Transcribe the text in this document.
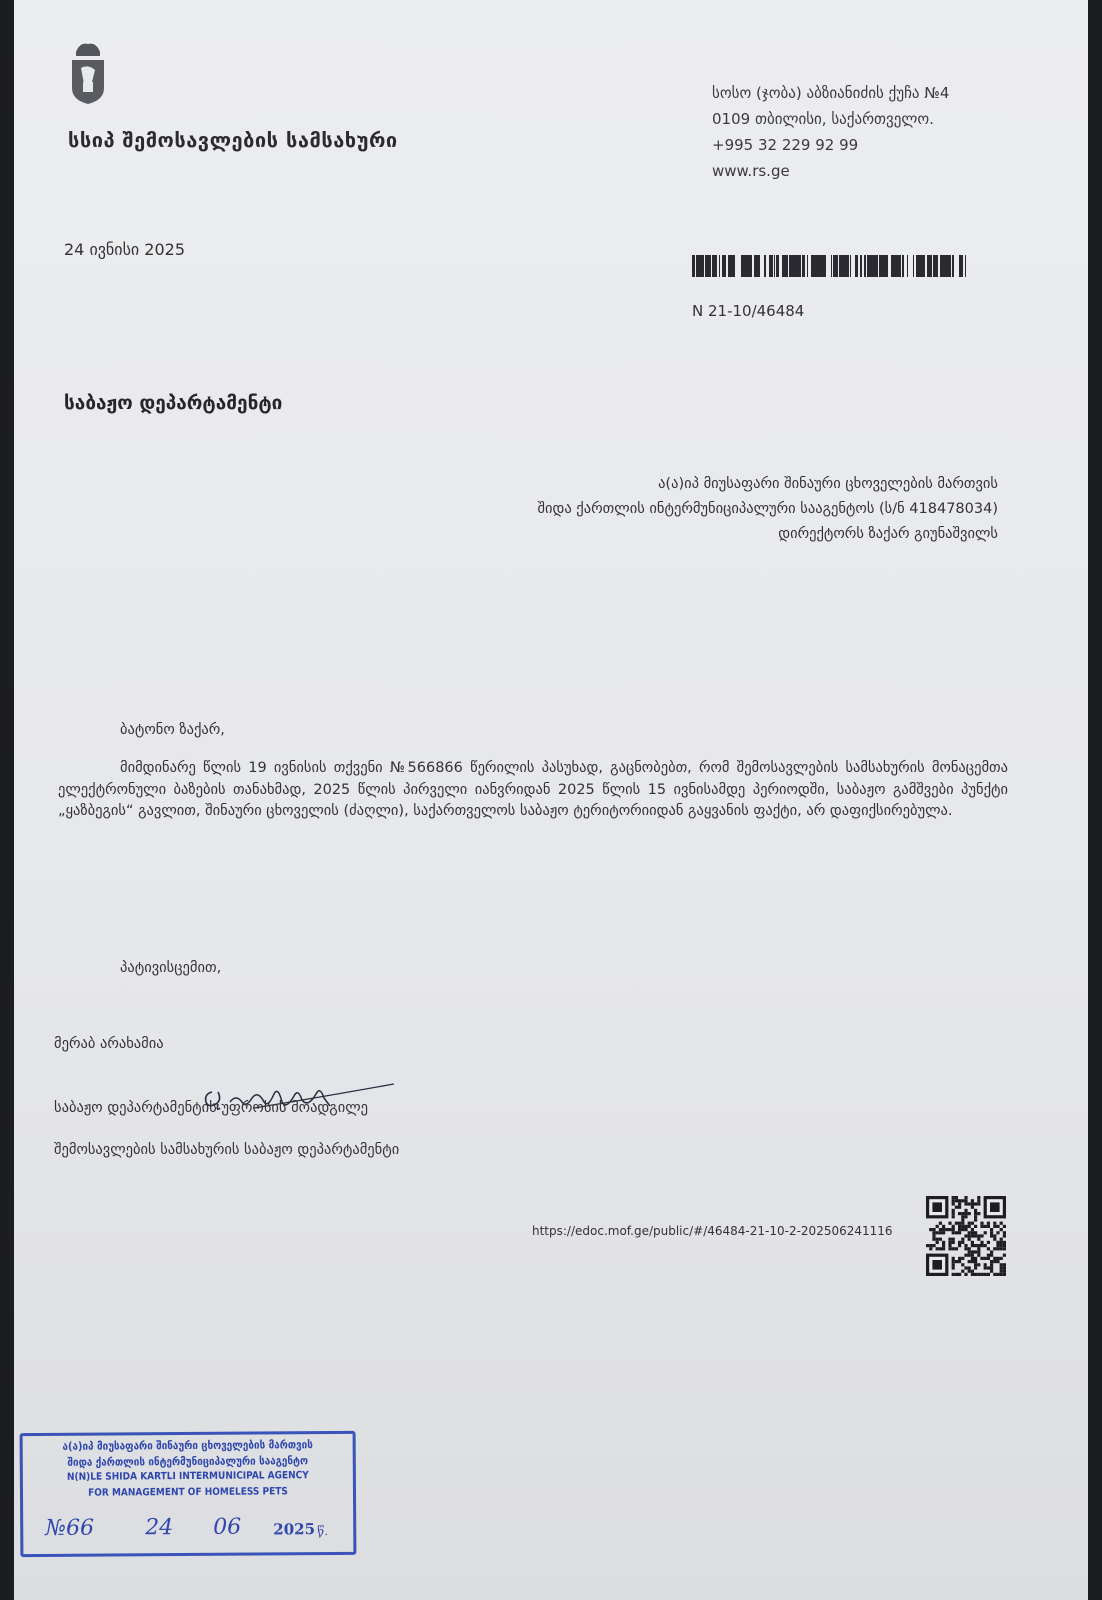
სსიპ შემოსავლების სამსახური
სოსო (ჯობა) აბზიანიძის ქუჩა №4
0109 თბილისი, საქართველო.
+995 32 229 92 99
www.rs.ge
24 ივნისი 2025
N 21-10/46484
საბაჟო დეპარტამენტი
ა(ა)იპ მიუსაფარი შინაური ცხოველების მართვის
შიდა ქართლის ინტერმუნიციპალური სააგენტოს (ს/ნ 418478034)
დირექტორს ზაქარ გიუნაშვილს
ბატონო ზაქარ,
მიმდინარე წლის 19 ივნისის თქვენი №566866 წერილის პასუხად, გაცნობებთ, რომ შემოსავლების სამსახურის მონაცემთა ელექტრონული ბაზების თანახმად, 2025 წლის პირველი იანვრიდან 2025 წლის 15 ივნისამდე პერიოდში, საბაჟო გამშვები პუნქტი „ყაზბეგის“ გავლით, შინაური ცხოველის (ძაღლი), საქართველოს საბაჟო ტერიტორიიდან გაყვანის ფაქტი, არ დაფიქსირებულა.
პატივისცემით,
მერაბ არახამია
საბაჟო დეპარტამენტის უფროსის მოადგილე
შემოსავლების სამსახურის საბაჟო დეპარტამენტი
https://edoc.mof.ge/public/#/46484-21-10-2-202506241116
ა(ა)იპ მიუსაფარი შინაური ცხოველების მართვის
შიდა ქართლის ინტერმუნიციპალური სააგენტო
N(N)LE SHIDA KARTLI INTERMUNICIPAL AGENCY
FOR MANAGEMENT OF HOMELESS PETS
№66 24 06 2025 წ.
